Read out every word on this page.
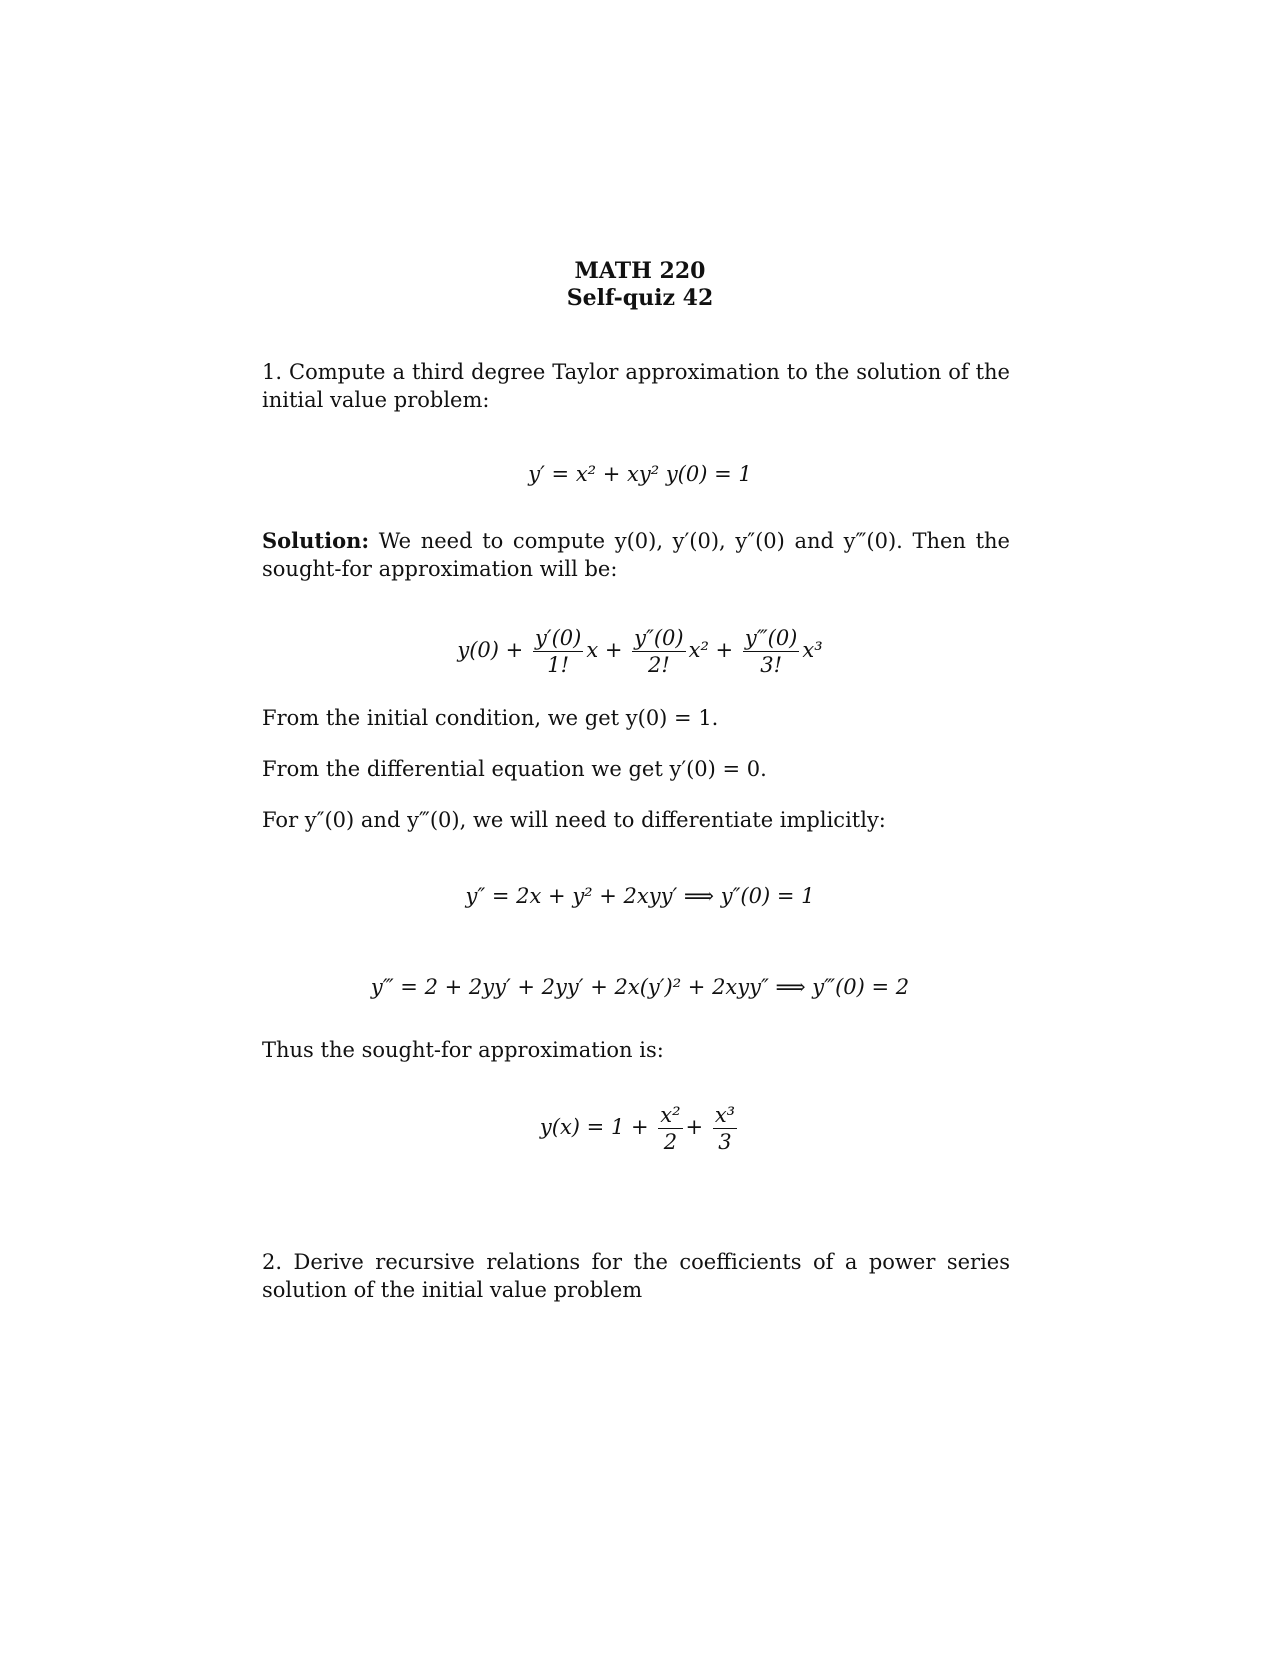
MATH 220
Self-quiz 42
1. Compute a third degree Taylor approximation to the solution of the initial value problem:
y′ = x² + xy² y(0) = 1
Solution: We need to compute y(0), y′(0), y″(0) and y‴(0). Then the sought-for approximation will be:
$y(0) + \frac{y'(0)}{1!}$ $x + \frac{y''(0)}{2!} x^2 + \frac{y‴(0)}{3!} x^3$
From the initial condition, we get y(0) = 1.
From the differential equation we get y′(0) = 0.
For y″(0) and y‴(0), we will need to differentiate implicitly:
y″ = 2x + y² + 2xyy′ ⟹ y″(0) = 1
y‴ = 2 + 2yy′ + 2yy′ + 2x(y′)² + 2xyy″ ⟹ y‴(0) = 2
Thus the sought-for approximation is:
$y(x) = 1 + \frac{\text{x²}}{2} + \frac{\text{x³}}{3}$
2. Derive recursive relations for the coefficients of a power series solution of the initial value problem
